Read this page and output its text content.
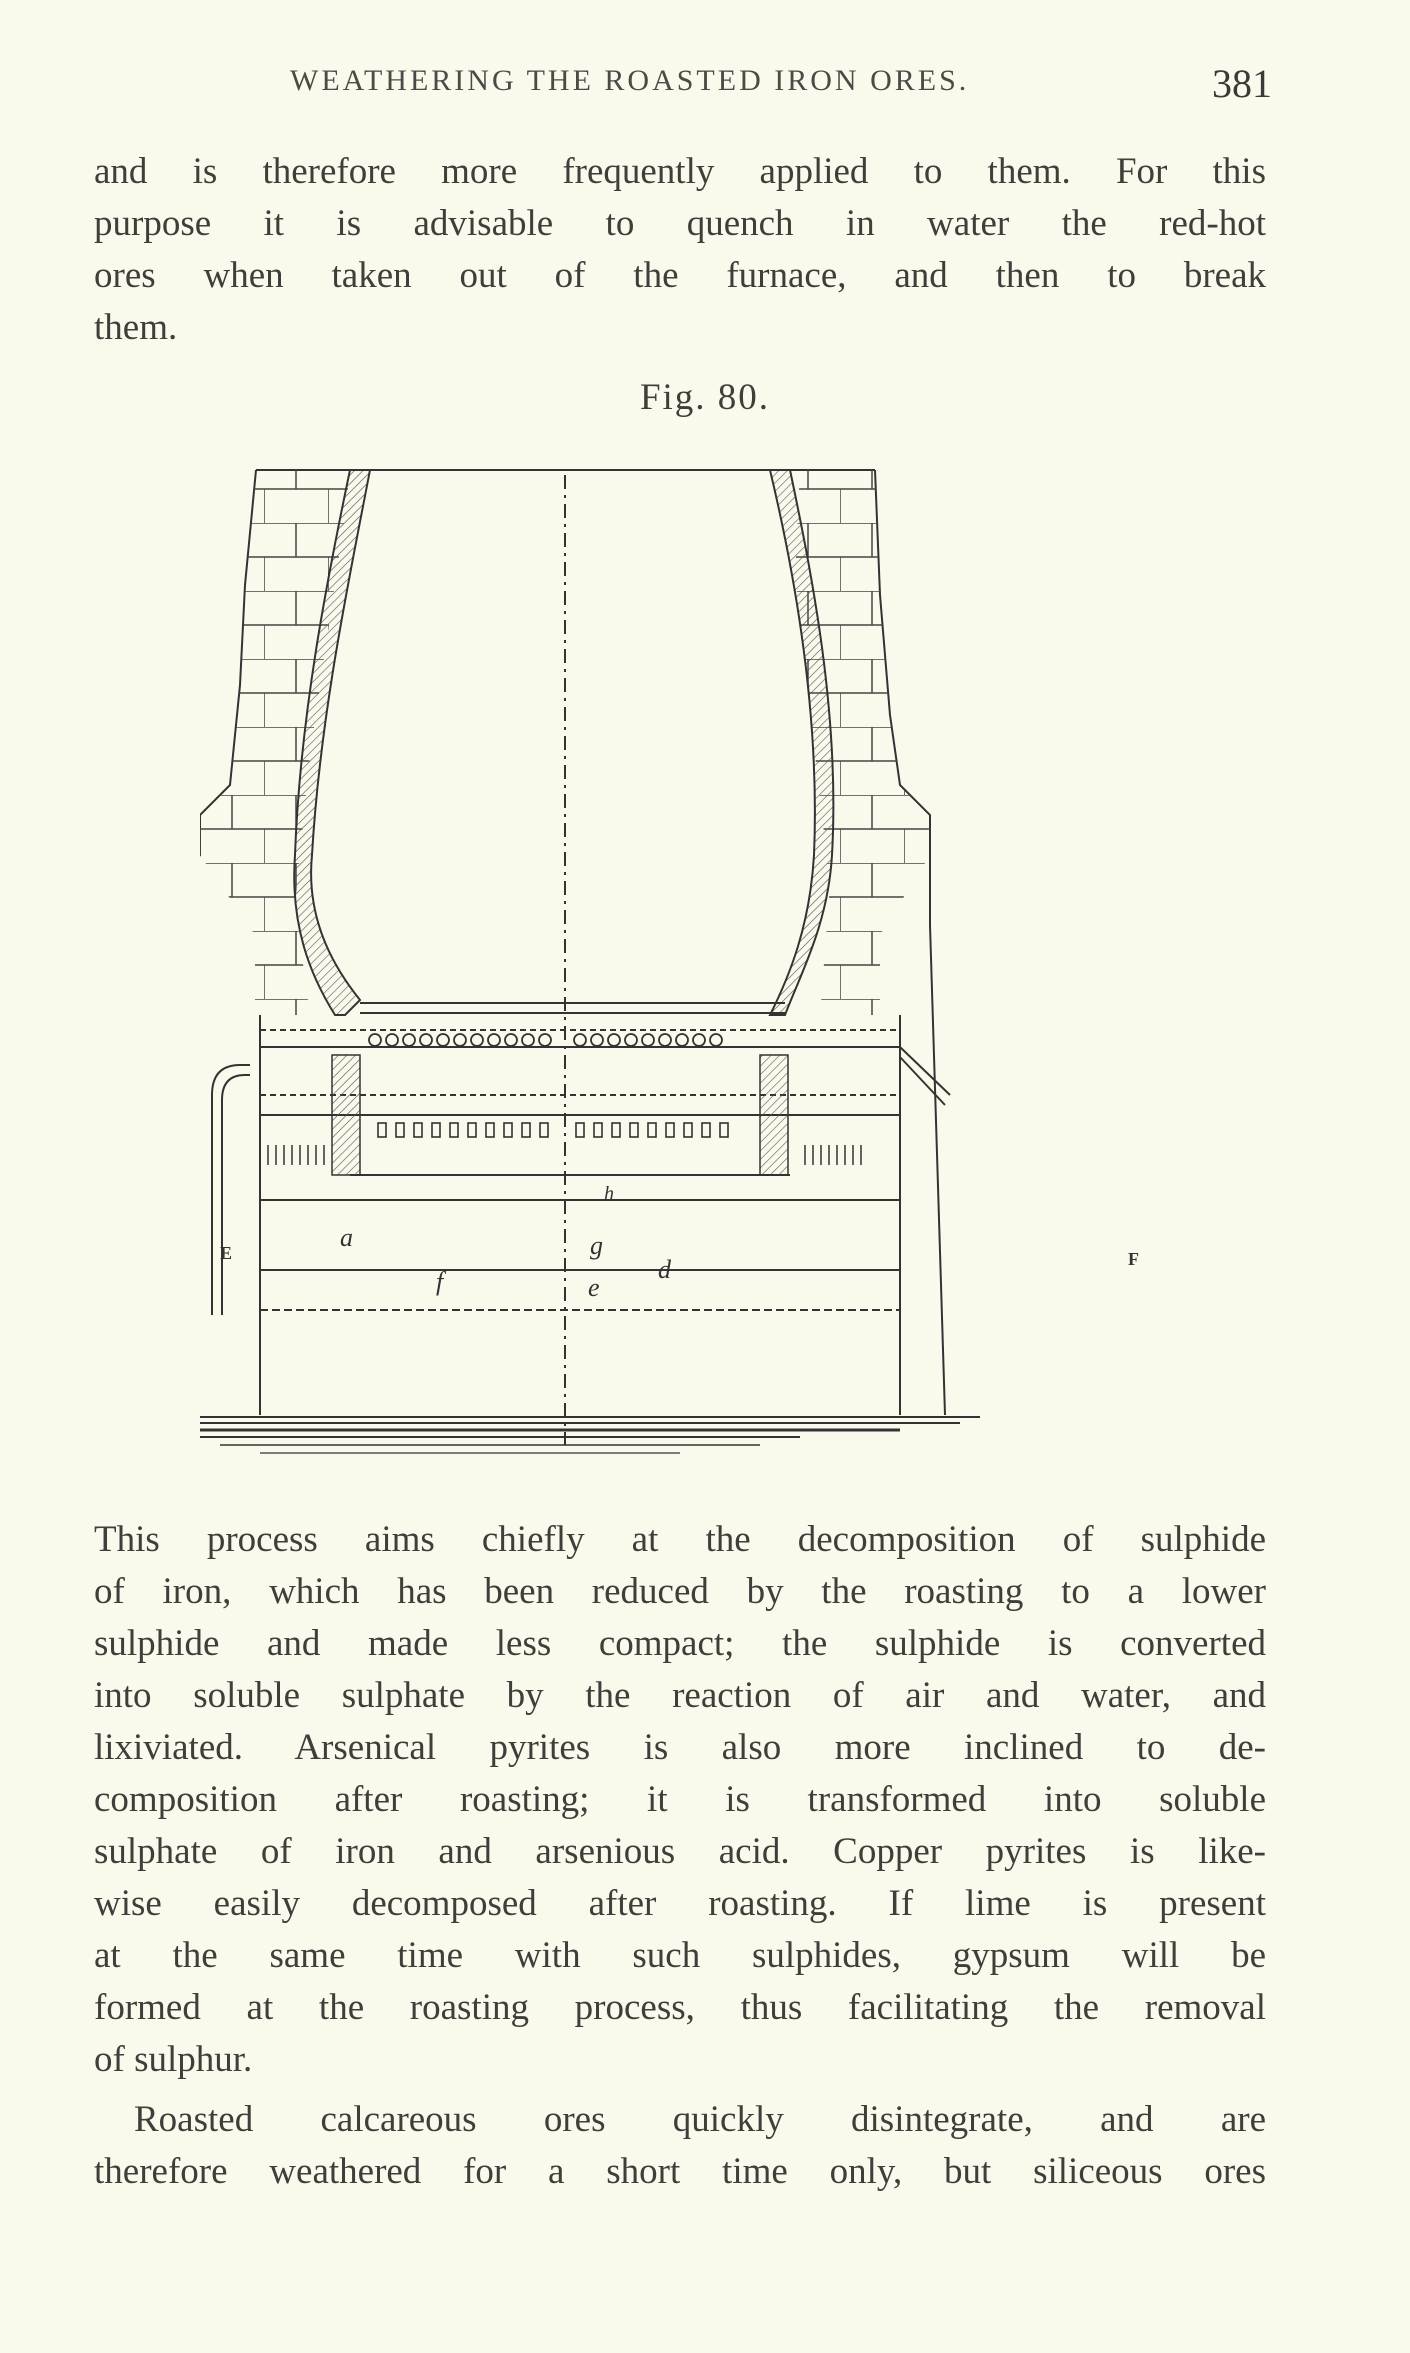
WEATHERING THE ROASTED IRON ORES.	381

and is therefore more frequently applied to them. For this
purpose it is advisable to quench in water the red-hot
ores when taken out of the furnace, and then to break
them.

Fig. 80.
E	F
a
f
g
e
d
h

This process aims chiefly at the decomposition of sulphide
of iron, which has been reduced by the roasting to a lower
sulphide and made less compact; the sulphide is converted
into soluble sulphate by the reaction of air and water, and
lixiviated. Arsenical pyrites is also more inclined to de-
composition after roasting; it is transformed into soluble
sulphate of iron and arsenious acid. Copper pyrites is like-
wise easily decomposed after roasting. If lime is present
at the same time with such sulphides, gypsum will be
formed at the roasting process, thus facilitating the removal
of sulphur.

Roasted calcareous ores quickly disintegrate, and are
therefore weathered for a short time only, but siliceous ores
